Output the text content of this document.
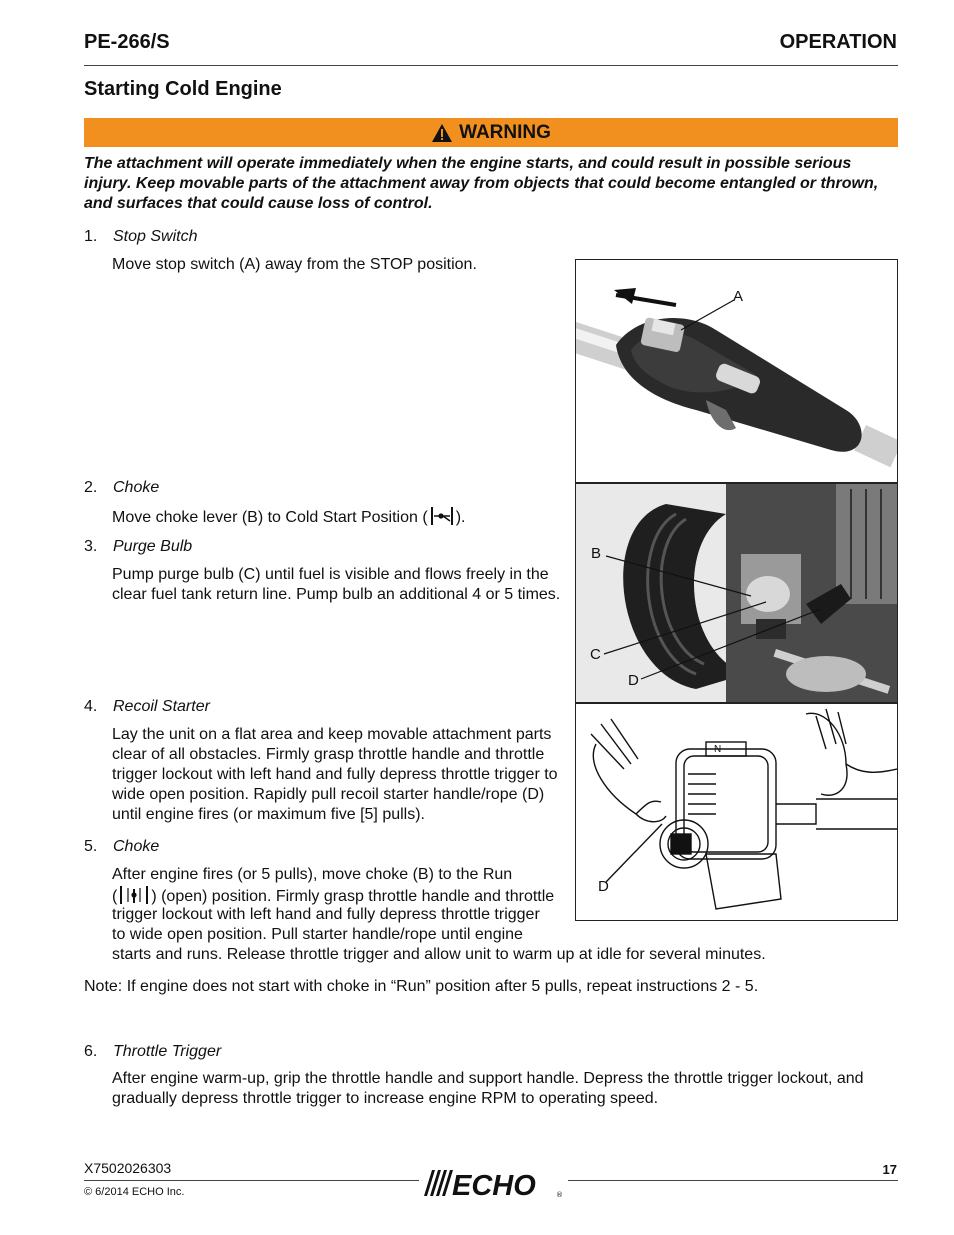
PE-266/S	OPERATION
Starting Cold Engine
WARNING
The attachment will operate immediately when the engine starts, and could result in possible serious injury. Keep movable parts of the attachment away from objects that could become entangled or thrown, and surfaces that could cause loss of control.
1. Stop Switch
Move stop switch (A) away from the STOP position.
2. Choke
Move choke lever (B) to Cold Start Position ( ).
3. Purge Bulb
Pump purge bulb (C) until fuel is visible and flows freely in the clear fuel tank return line. Pump bulb an additional 4 or 5 times.
4. Recoil Starter
Lay the unit on a flat area and keep movable attachment parts clear of all obstacles. Firmly grasp throttle handle and throttle trigger lockout with left hand and fully depress throttle trigger to wide open position. Rapidly pull recoil starter handle/rope (D) until engine fires (or maximum five [5] pulls).
5. Choke
After engine fires (or 5 pulls), move choke (B) to the Run
( ) (open) position. Firmly grasp throttle handle and throttle
trigger lockout with left hand and fully depress throttle trigger
to wide open position. Pull starter handle/rope until engine
starts and runs. Release throttle trigger and allow unit to warm up at idle for several minutes.
Note: If engine does not start with choke in “Run” position after 5 pulls, repeat instructions 2 - 5.
6. Throttle Trigger
After engine warm-up, grip the throttle handle and support handle. Depress the throttle trigger lockout, and gradually depress throttle trigger to increase engine RPM to operating speed.
A
B
C
D
N
D
X7502026303	17
ECHO	®
© 6/2014 ECHO Inc.
